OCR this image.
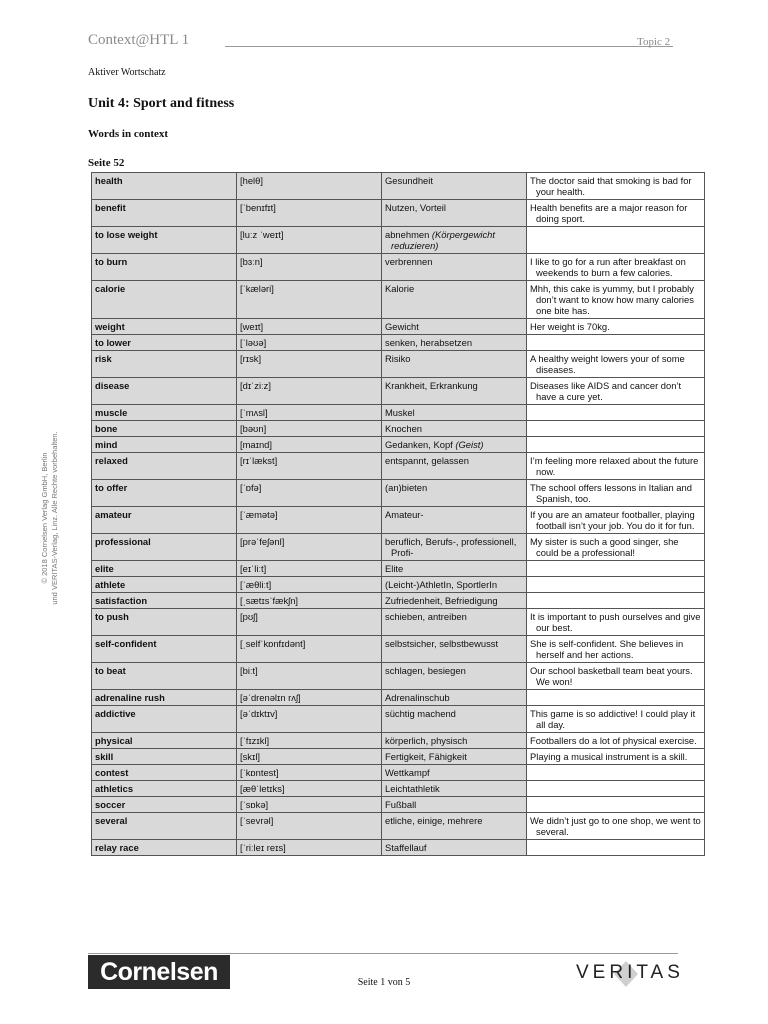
Context@HTL 1	Topic 2
Aktiver Wortschatz
Unit 4: Sport and fitness
Words in context
Seite 52
health	[helθ]	Gesundheit	The doctor said that smoking is bad for your health.

benefit	[ˈbenɪfɪt]	Nutzen, Vorteil	Health benefits are a major reason for doing sport.

to lose weight	[luːz ˈweɪt]	abnehmen (Körpergewicht reduzieren)	

to burn	[bɜːn]	verbrennen	I like to go for a run after breakfast on weekends to burn a few calories.

calorie	[ˈkæləri]	Kalorie	Mhh, this cake is yummy, but I probably don’t want to know how many calories one bite has.

weight	[weɪt]	Gewicht	Her weight is 70kg.

to lower	[ˈləʊə]	senken, herabsetzen	

risk	[rɪsk]	Risiko	A healthy weight lowers your of some diseases.

disease	[dɪˈziːz]	Krankheit, Erkrankung	Diseases like AIDS and cancer don’t have a cure yet.

muscle	[ˈmʌsl]	Muskel	

bone	[bəʊn]	Knochen	

mind	[maɪnd]	Gedanken, Kopf (Geist)	

relaxed	[rɪˈlækst]	entspannt, gelassen	I’m feeling more relaxed about the future now.

to offer	[ˈɒfə]	(an)bieten	The school offers lessons in Italian and Spanish, too.

amateur	[ˈæmətə]	Amateur-	If you are an amateur footballer, playing football isn’t your job. You do it for fun.

professional	[prəˈfeʃənl]	beruflich, Berufs-, professionell, Profi-	My sister is such a good singer, she could be a professional!

elite	[eɪˈliːt]	Elite	

athlete	[ˈæθliːt]	(Leicht-)AthletIn, SportlerIn	

satisfaction	[ˌsætɪsˈfækʃn]	Zufriedenheit, Befriedigung	

to push	[pʊʃ]	schieben, antreiben	It is important to push ourselves and give our best.

self-confident	[ˌselfˈkɒnfɪdənt]	selbstsicher, selbstbewusst	She is self-confident. She believes in herself and her actions.

to beat	[biːt]	schlagen, besiegen	Our school basketball team beat yours. We won!

adrenaline rush	[əˈdrenəlɪn rʌʃ]	Adrenalinschub	

addictive	[əˈdɪktɪv]	süchtig machend	This game is so addictive! I could play it all day.

physical	[ˈfɪzɪkl]	körperlich, physisch	Footballers do a lot of physical exercise.

skill	[skɪl]	Fertigkeit, Fähigkeit	Playing a musical instrument is a skill.

contest	[ˈkɒntest]	Wettkampf	

athletics	[æθˈletɪks]	Leichtathletik	

soccer	[ˈsɒkə]	Fußball	

several	[ˈsevrəl]	etliche, einige, mehrere	We didn’t just go to one shop, we went to several.

relay race	[ˈriːleɪ reɪs]	Staffellauf	

© 2018 Cornelsen Verlag GmbH, Berlin und VERITAS-Verlag, Linz. Alle Rechte vorbehalten.
Cornelsen	Seite 1 von 5	VERITAS
